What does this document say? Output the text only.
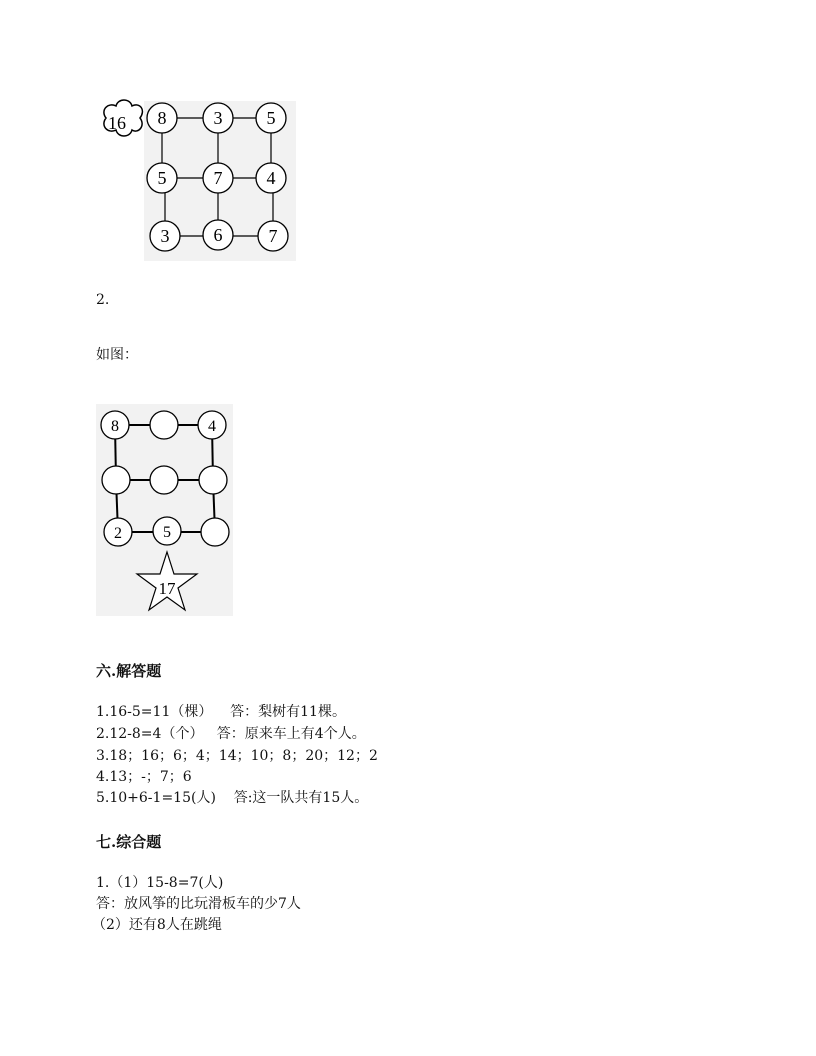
16 8	3 5
5	7 4
3 6	7
2.
如图：
8	4
2	5
17
六.解答题
1.16-5=11（棵）    答：梨树有11棵。
2.12-8=4（个）   答：原来车上有4个人。
3.18；16；6；4；14；10；8；20；12；2
4.13；-；7；6
5.10+6-1=15(人)    答:这一队共有15人。
七.综合题
1.（1）15-8=7(人)
答：放风筝的比玩滑板车的少7人
（2）还有8人在跳绳
